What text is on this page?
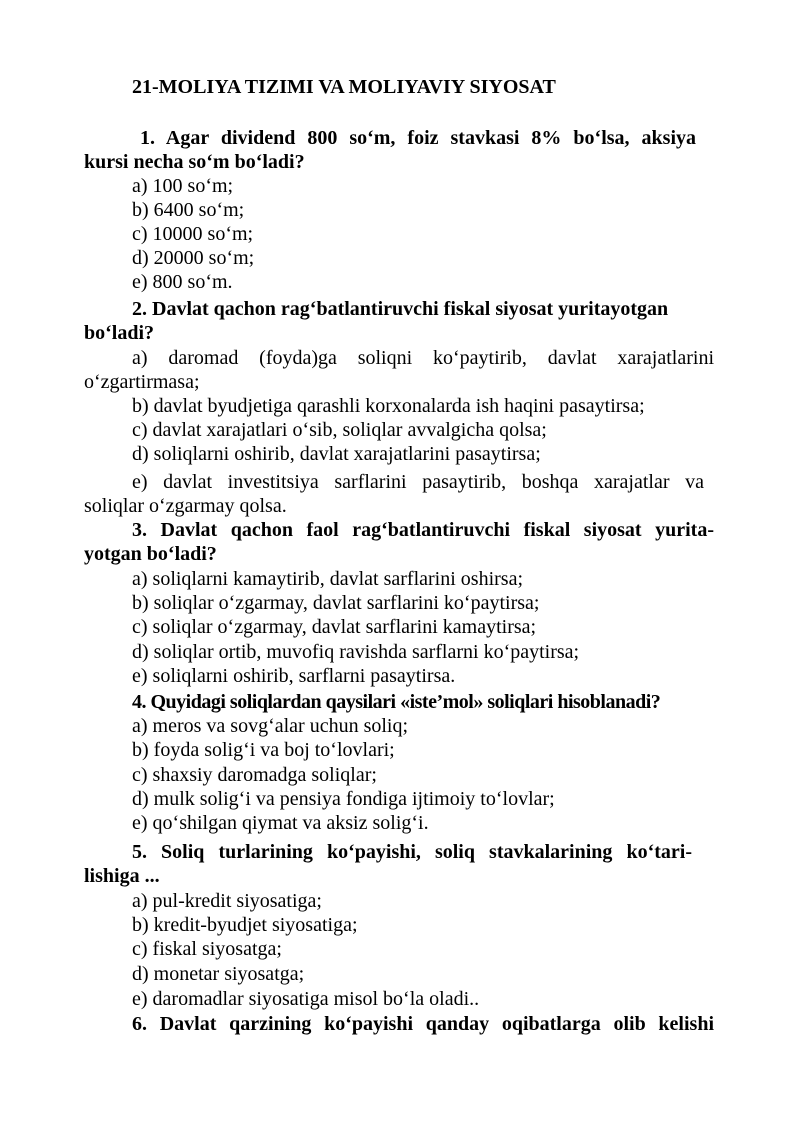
21-MOLIYA TIZIMI VA MOLIYAVIY SIYOSAT
1. Agar dividend 800 so‘m, foiz stavkasi 8% bo‘lsa, aksiya
kursi necha so‘m bo‘ladi?
a) 100 so‘m;
b) 6400 so‘m;
c) 10000 so‘m;
d) 20000 so‘m;
e) 800 so‘m.
2. Davlat qachon rag‘batlantiruvchi fiskal siyosat yuritayotgan
bo‘ladi?
a) daromad (foyda)ga soliqni ko‘paytirib, davlat xarajatlarini
o‘zgartirmasa;
b) davlat byudjetiga qarashli korxonalarda ish haqini pasaytirsa;
c) davlat xarajatlari o‘sib, soliqlar avvalgicha qolsa;
d) soliqlarni oshirib, davlat xarajatlarini pasaytirsa;
e) davlat investitsiya sarflarini pasaytirib, boshqa xarajatlar va
soliqlar o‘zgarmay qolsa.
3. Davlat qachon faol rag‘batlantiruvchi fiskal siyosat yurita-
yotgan bo‘ladi?
a) soliqlarni kamaytirib, davlat sarflarini oshirsa;
b) soliqlar o‘zgarmay, davlat sarflarini ko‘paytirsa;
c) soliqlar o‘zgarmay, davlat sarflarini kamaytirsa;
d) soliqlar ortib, muvofiq ravishda sarflarni ko‘paytirsa;
e) soliqlarni oshirib, sarflarni pasaytirsa.
4. Quyidagi soliqlardan qaysilari «iste’mol» soliqlari hisoblanadi?
a) meros va sovg‘alar uchun soliq;
b) foyda solig‘i va boj to‘lovlari;
c) shaxsiy daromadga soliqlar;
d) mulk solig‘i va pensiya fondiga ijtimoiy to‘lovlar;
e) qo‘shilgan qiymat va aksiz solig‘i.
5. Soliq turlarining ko‘payishi, soliq stavkalarining ko‘tari-
lishiga ...
a) pul-kredit siyosatiga;
b) kredit-byudjet siyosatiga;
c) fiskal siyosatga;
d) monetar siyosatga;
e) daromadlar siyosatiga misol bo‘la oladi..
6. Davlat qarzining ko‘payishi qanday oqibatlarga olib kelishi
